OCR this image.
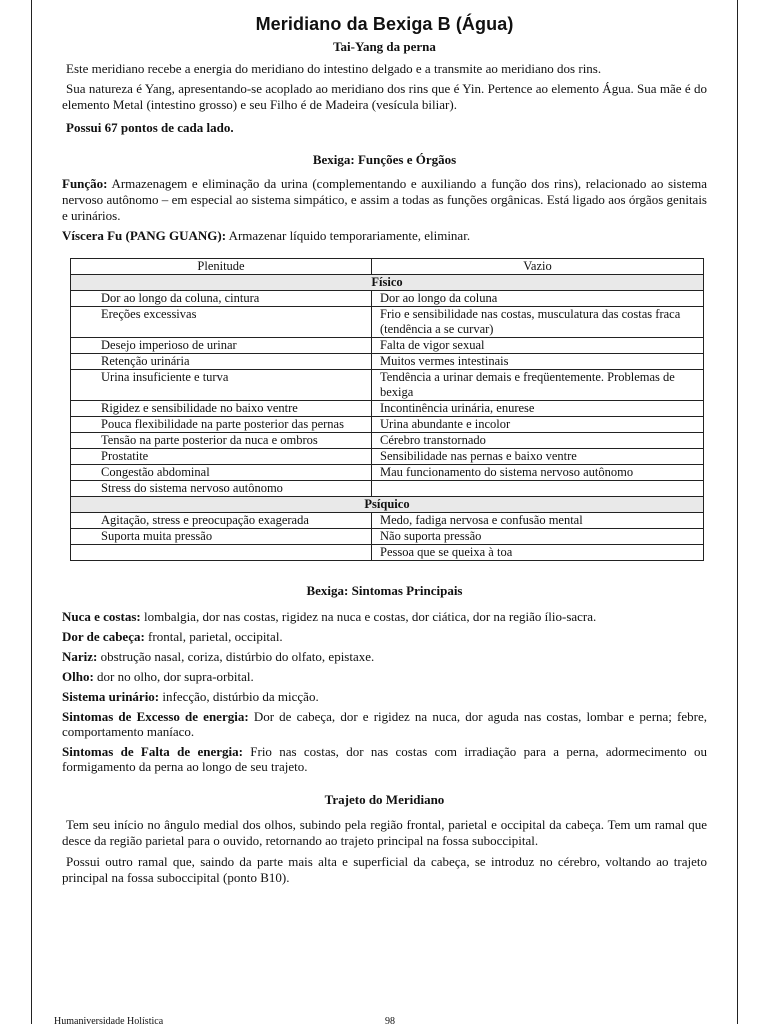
Meridiano da Bexiga B (Água)
Tai-Yang da perna

Este meridiano recebe a energia do meridiano do intestino delgado e a transmite ao meridiano dos rins.

Sua natureza é Yang, apresentando-se acoplado ao meridiano dos rins que é Yin. Pertence ao elemento Água. Sua mãe é do elemento Metal (intestino grosso) e seu Filho é de Madeira (vesícula biliar).

Possui 67 pontos de cada lado.

Bexiga: Funções e Órgãos

Função: Armazenagem e eliminação da urina (complementando e auxiliando a função dos rins), relacionado ao sistema nervoso autônomo – em especial ao sistema simpático, e assim a todas as funções orgânicas. Está ligado aos órgãos genitais e urinários.

Víscera Fu (PANG GUANG): Armazenar líquido temporariamente, eliminar.

Plenitude	Vazio
Físico	
Dor ao longo da coluna, cintura	Dor ao longo da coluna
Ereções excessivas	Frio e sensibilidade nas costas, musculatura das costas fraca (tendência a se curvar)
Desejo imperioso de urinar	Falta de vigor sexual
Retenção urinária	Muitos vermes intestinais
Urina insuficiente e turva	Tendência a urinar demais e freqüentemente. Problemas de bexiga
Rigidez e sensibilidade no baixo ventre	Incontinência urinária, enurese
Pouca flexibilidade na parte posterior das pernas	Urina abundante e incolor
Tensão na parte posterior da nuca e ombros	Cérebro transtornado
Prostatite	Sensibilidade nas pernas e baixo ventre
Congestão abdominal	Mau funcionamento do sistema nervoso autônomo
Stress do sistema nervoso autônomo	
Psíquico	
Agitação, stress e preocupação exagerada	Medo, fadiga nervosa e confusão mental
Suporta muita pressão	Não suporta pressão
	Pessoa que se queixa à toa
Bexiga: Sintomas Principais

Nuca e costas: lombalgia, dor nas costas, rigidez na nuca e costas, dor ciática, dor na região ílio-sacra.

Dor de cabeça: frontal, parietal, occipital.

Nariz: obstrução nasal, coriza, distúrbio do olfato, epistaxe.

Olho: dor no olho, dor supra-orbital.

Sistema urinário: infecção, distúrbio da micção.

Sintomas de Excesso de energia: Dor de cabeça, dor e rigidez na nuca, dor aguda nas costas, lombar e perna; febre, comportamento maníaco.

Sintomas de Falta de energia: Frio nas costas, dor nas costas com irradiação para a perna, adormecimento ou formigamento da perna ao longo de seu trajeto.

Trajeto do Meridiano

Tem seu início no ângulo medial dos olhos, subindo pela região frontal, parietal e occipital da cabeça. Tem um ramal que desce da região parietal para o ouvido, retornando ao trajeto principal na fossa suboccipital.

Possui outro ramal que, saindo da parte mais alta e superficial da cabeça, se introduz no cérebro, voltando ao trajeto principal na fossa suboccipital (ponto B10).

Humaniversidade Holística	98
